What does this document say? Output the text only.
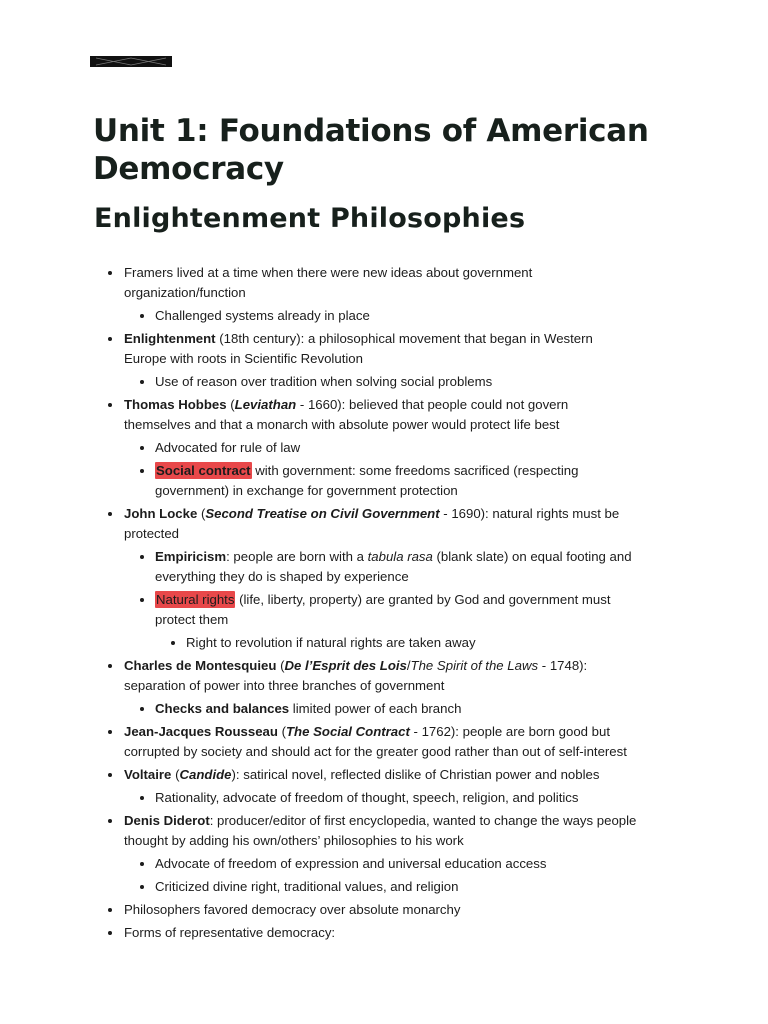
Unit 1: Foundations of American Democracy
Enlightenment Philosophies
Framers lived at a time when there were new ideas about government organization/function
Challenged systems already in place
Enlightenment (18th century): a philosophical movement that began in Western Europe with roots in Scientific Revolution
Use of reason over tradition when solving social problems
Thomas Hobbes (Leviathan - 1660): believed that people could not govern themselves and that a monarch with absolute power would protect life best
Advocated for rule of law
Social contract with government: some freedoms sacrificed (respecting government) in exchange for government protection
John Locke (Second Treatise on Civil Government - 1690): natural rights must be protected
Empiricism: people are born with a tabula rasa (blank slate) on equal footing and everything they do is shaped by experience
Natural rights (life, liberty, property) are granted by God and government must protect them
Right to revolution if natural rights are taken away
Charles de Montesquieu (De l’Esprit des Lois/The Spirit of the Laws - 1748): separation of power into three branches of government
Checks and balances limited power of each branch
Jean-Jacques Rousseau (The Social Contract - 1762): people are born good but corrupted by society and should act for the greater good rather than out of self-interest
Voltaire (Candide): satirical novel, reflected dislike of Christian power and nobles
Rationality, advocate of freedom of thought, speech, religion, and politics
Denis Diderot: producer/editor of first encyclopedia, wanted to change the ways people thought by adding his own/others’ philosophies to his work
Advocate of freedom of expression and universal education access
Criticized divine right, traditional values, and religion
Philosophers favored democracy over absolute monarchy
Forms of representative democracy:
